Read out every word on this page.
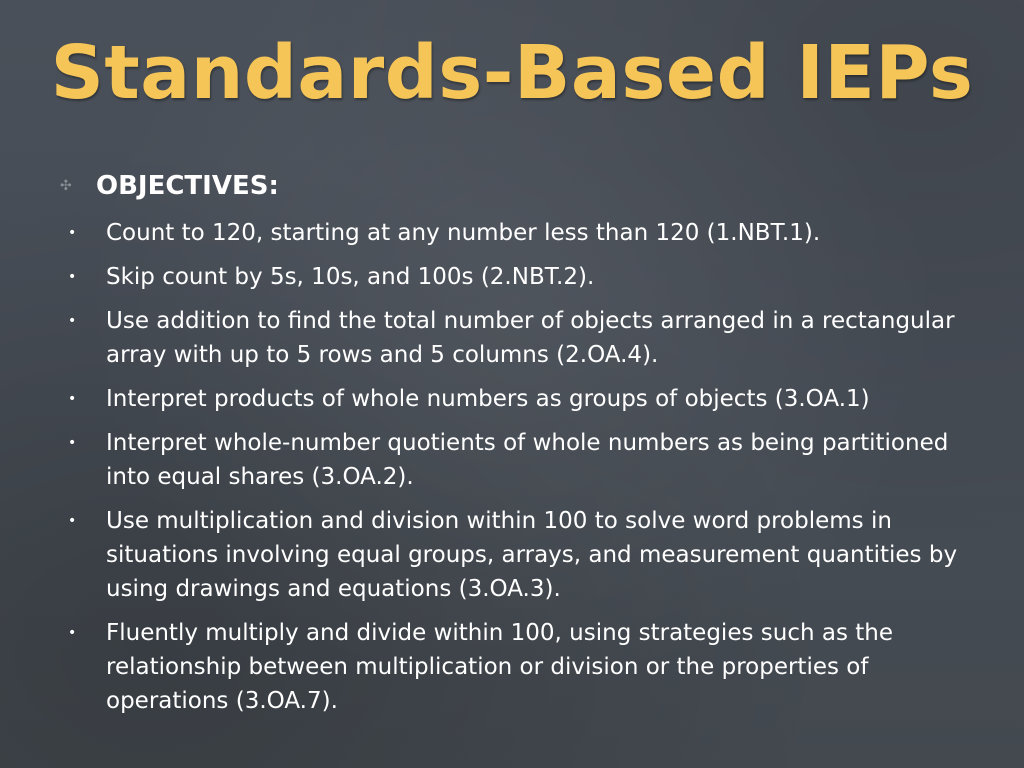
Standards-Based IEPs
✣ OBJECTIVES:
• Count to 120, starting at any number less than 120 (1.NBT.1).
• Skip count by 5s, 10s, and 100s (2.NBT.2).
• Use addition to find the total number of objects arranged in a rectangular array with up to 5 rows and 5 columns (2.OA.4).
• Interpret products of whole numbers as groups of objects (3.OA.1)
• Interpret whole-number quotients of whole numbers as being partitioned into equal shares (3.OA.2).
• Use multiplication and division within 100 to solve word problems in situations involving equal groups, arrays, and measurement quantities by using drawings and equations (3.OA.3).
• Fluently multiply and divide within 100, using strategies such as the relationship between multiplication or division or the properties of operations (3.OA.7).
